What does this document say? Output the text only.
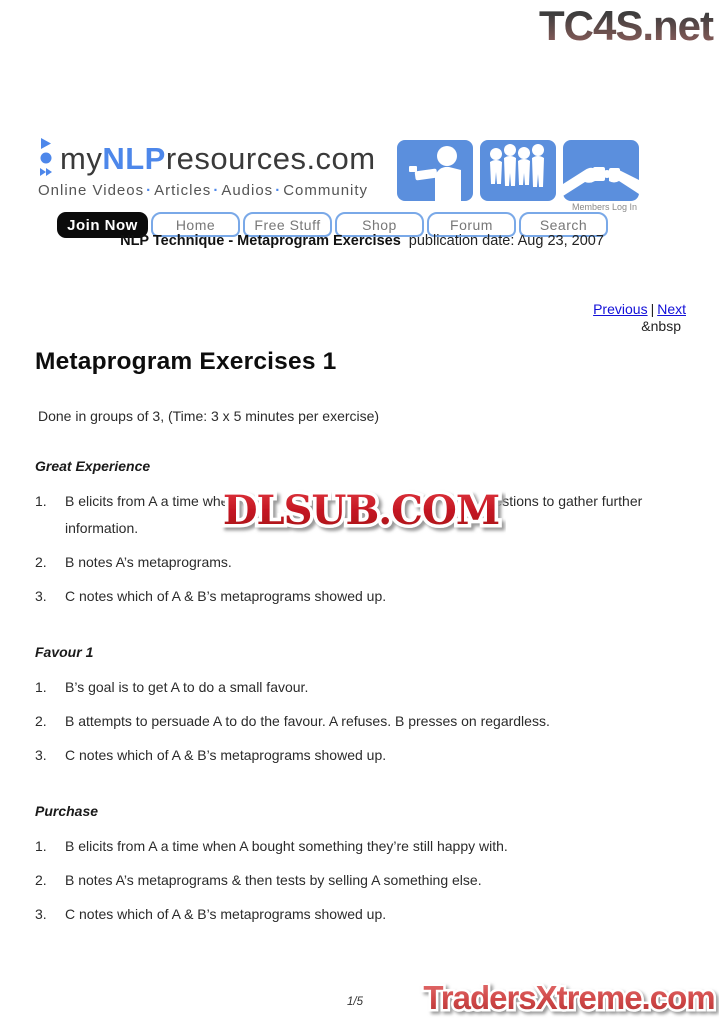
TC4S.net
myNLPresources.com
Online Videos · Articles · Audios · Community
Members Log In
Join Now	Home	Free Stuff	Shop	Forum	Search
NLP Technique - Metaprogram Exercises publication date: Aug 23, 2007
Previous | Next
&nbsp
Metaprogram Exercises 1
Done in groups of 3, (Time: 3 x 5 minutes per exercise)
Great Experience
1.	B elicits from A a time whe	estions to gather further information.
2.	B notes A’s metaprograms.
3.	C notes which of A & B’s metaprograms showed up.
Favour 1
1.	B’s goal is to get A to do a small favour.
2.	B attempts to persuade A to do the favour. A refuses. B presses on regardless.
3.	C notes which of A & B’s metaprograms showed up.
Purchase
1.	B elicits from A a time when A bought something they’re still happy with.
2.	B notes A’s metaprograms & then tests by selling A something else.
3.	C notes which of A & B’s metaprograms showed up.
DLSUB.COM
1/5 TradersXtreme.com
